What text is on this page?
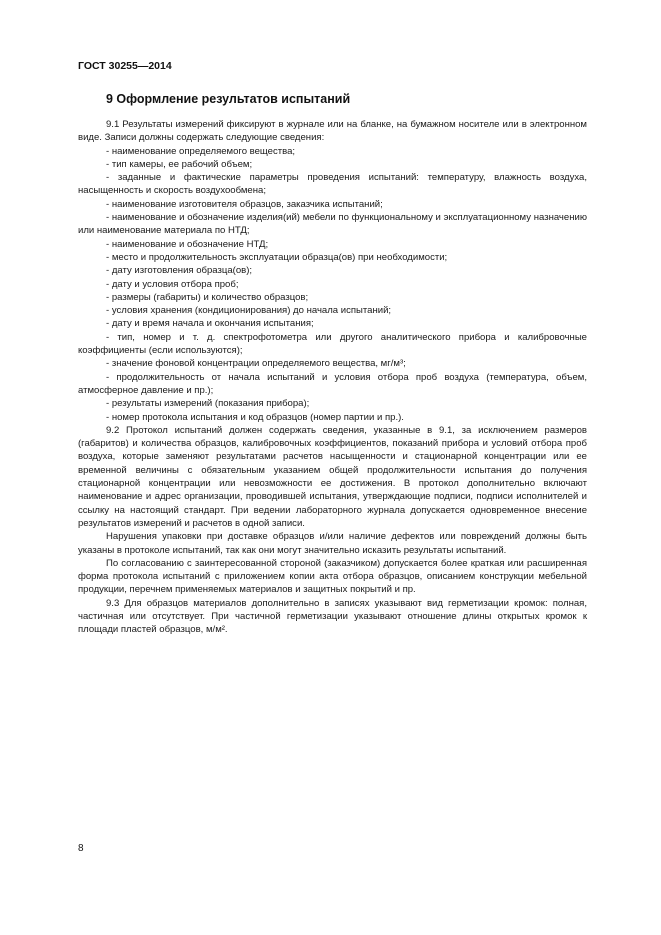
ГОСТ 30255—2014
9 Оформление результатов испытаний

9.1 Результаты измерений фиксируют в журнале или на бланке, на бумажном носителе или в электронном виде. Записи должны содержать следующие сведения:

- наименование определяемого вещества;

- тип камеры, ее рабочий объем;

- заданные и фактические параметры проведения испытаний: температуру, влажность воздуха, насыщенность и скорость воздухообмена;

- наименование изготовителя образцов, заказчика испытаний;

- наименование и обозначение изделия(ий) мебели по функциональному и эксплуатационному назначению или наименование материала по НТД;

- наименование и обозначение НТД;

- место и продолжительность эксплуатации образца(ов) при необходимости;

- дату изготовления образца(ов);

- дату и условия отбора проб;

- размеры (габариты) и количество образцов;

- условия хранения (кондиционирования) до начала испытаний;

- дату и время начала и окончания испытания;

- тип, номер и т. д. спектрофотометра или другого аналитического прибора и калибровочные коэффициенты (если используются);

- значение фоновой концентрации определяемого вещества, мг/м³;

- продолжительность от начала испытаний и условия отбора проб воздуха (температура, объем, атмосферное давление и пр.);

- результаты измерений (показания прибора);

- номер протокола испытания и код образцов (номер партии и пр.).

9.2 Протокол испытаний должен содержать сведения, указанные в 9.1, за исключением размеров (габаритов) и количества образцов, калибровочных коэффициентов, показаний прибора и условий отбора проб воздуха, которые заменяют результатами расчетов насыщенности и стационарной концентрации или ее временной величины с обязательным указанием общей продолжительности испытания до получения стационарной концентрации или невозможности ее достижения. В протокол дополнительно включают наименование и адрес организации, проводившей испытания, утверждающие подписи, подписи исполнителей и ссылку на настоящий стандарт. При ведении лабораторного журнала допускается одновременное внесение результатов измерений и расчетов в одной записи.

Нарушения упаковки при доставке образцов и/или наличие дефектов или повреждений должны быть указаны в протоколе испытаний, так как они могут значительно исказить результаты испытаний.

По согласованию с заинтересованной стороной (заказчиком) допускается более краткая или расширенная форма протокола испытаний с приложением копии акта отбора образцов, описанием конструкции мебельной продукции, перечнем применяемых материалов и защитных покрытий и пр.

9.3 Для образцов материалов дополнительно в записях указывают вид герметизации кромок: полная, частичная или отсутствует. При частичной герметизации указывают отношение длины открытых кромок к площади пластей образцов, м/м².

8
